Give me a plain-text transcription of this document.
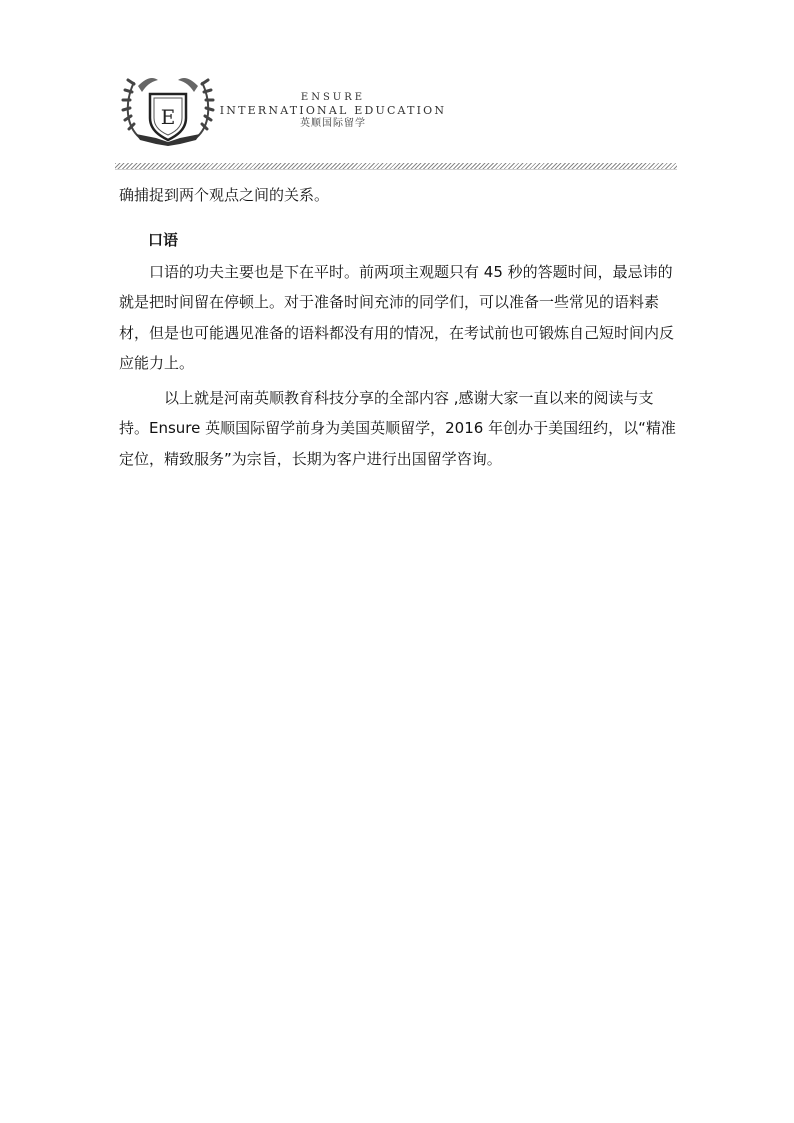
E
ENSURE
INTERNATIONAL EDUCATION
英顺国际留学

确捕捉到两个观点之间的关系。

口语

口语的功夫主要也是下在平时。前两项主观题只有 45 秒的答题时间，最忌讳的就是把时间留在停顿上。对于准备时间充沛的同学们，可以准备一些常见的语料素材，但是也可能遇见准备的语料都没有用的情况，在考试前也可锻炼自己短时间内反应能力上。

以上就是河南英顺教育科技分享的全部内容 ,感谢大家一直以来的阅读与支持。Ensure 英顺国际留学前身为美国英顺留学，2016 年创办于美国纽约，以“精准定位，精致服务”为宗旨，长期为客户进行出国留学咨询。
